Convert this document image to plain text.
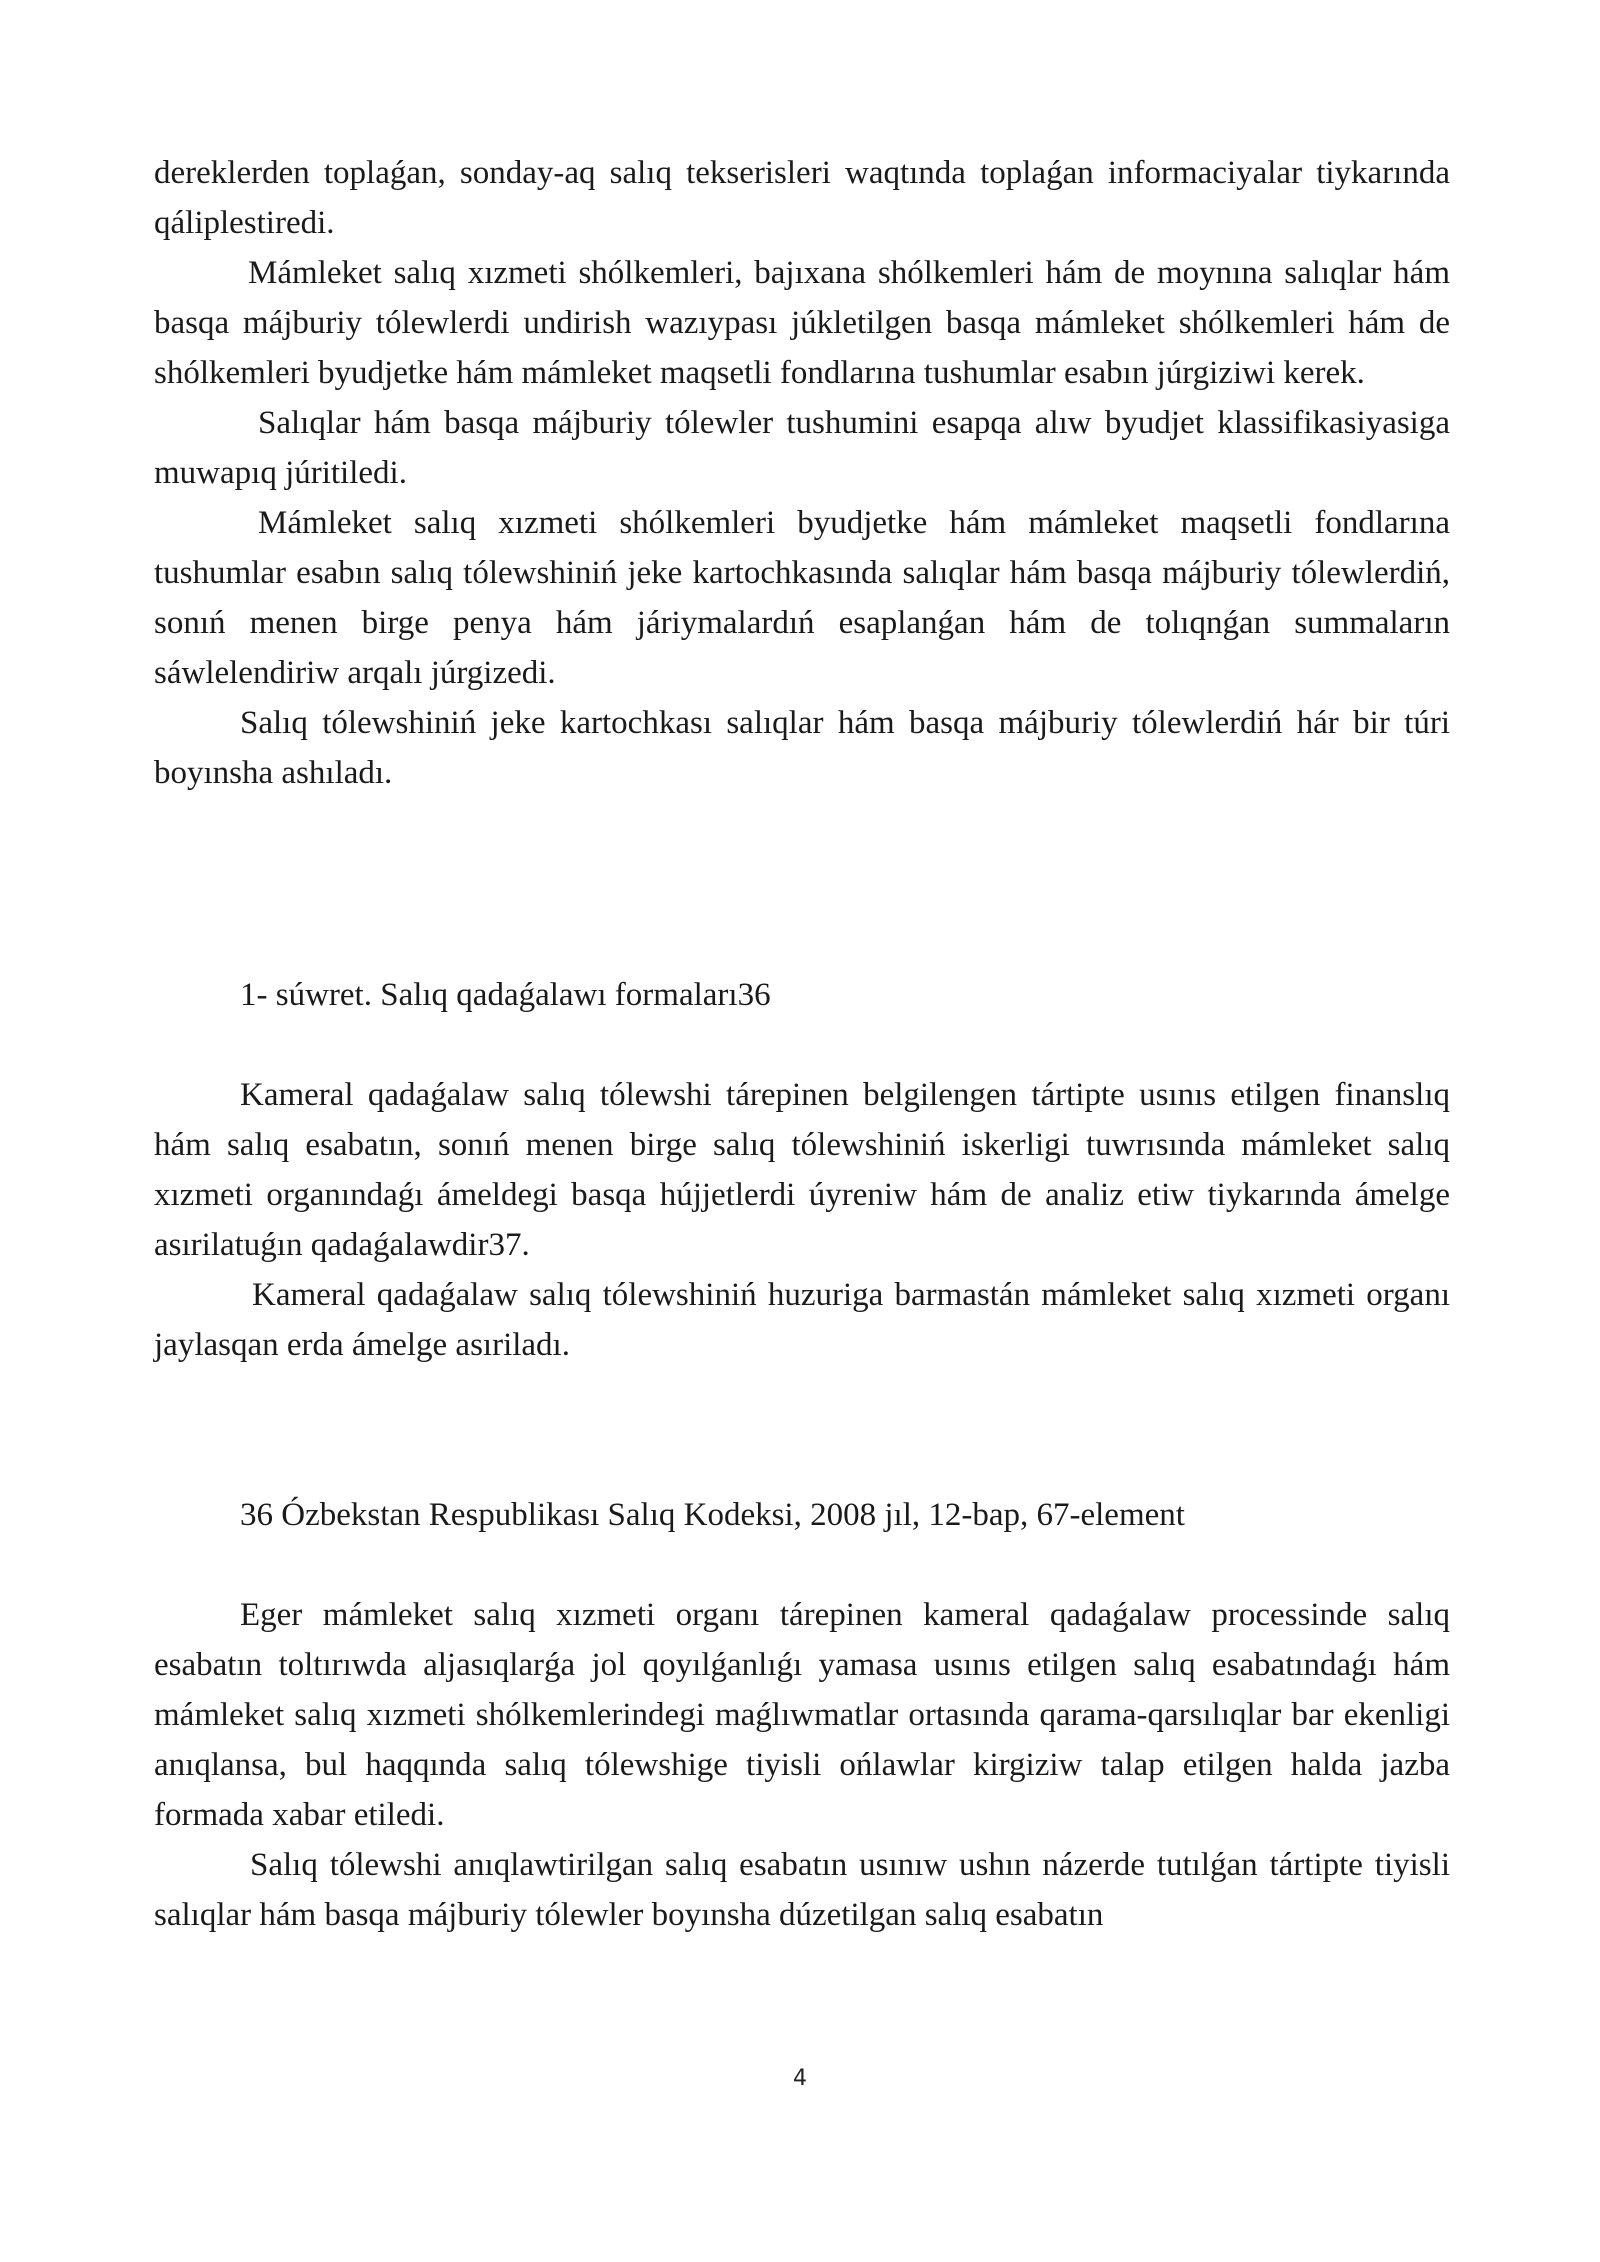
dereklerden toplaǵan, sonday-aq salıq tekserisleri waqtında toplaǵan informaciyalar tiykarında qáliplestiredi.

Mámleket salıq xızmeti shólkemleri, bajıxana shólkemleri hám de moynına salıqlar hám basqa májburiy tólewlerdi undirish wazıypası júkletilgen basqa mámleket shólkemleri hám de shólkemleri byudjetke hám mámleket maqsetli fondlarına tushumlar esabın júrgiziwi kerek.

Salıqlar hám basqa májburiy tólewler tushumini esapqa alıw byudjet klassifikasiyasiga muwapıq júritiledi.

Mámleket salıq xızmeti shólkemleri byudjetke hám mámleket maqsetli fondlarına tushumlar esabın salıq tólewshiniń jeke kartochkasında salıqlar hám basqa májburiy tólewlerdiń, sonıń menen birge penya hám járiymalardıń esaplanǵan hám de tolıqnǵan summaların sáwlelendiriw arqalı júrgizedi.

Salıq tólewshiniń jeke kartochkası salıqlar hám basqa májburiy tólewlerdiń hár bir túri boyınsha ashıladı.

1- súwret. Salıq qadaǵalawı formaları36

Kameral qadaǵalaw salıq tólewshi tárepinen belgilengen tártipte usınıs etilgen finanslıq hám salıq esabatın, sonıń menen birge salıq tólewshiniń iskerligi tuwrısında mámleket salıq xızmeti organındaǵı ámeldegi basqa hújjetlerdi úyreniw hám de analiz etiw tiykarında ámelge asırilatuǵın qadaǵalawdir37.

Kameral qadaǵalaw salıq tólewshiniń huzuriga barmastán mámleket salıq xızmeti organı jaylasqan erda ámelge asıriladı.

36 Ózbekstan Respublikası Salıq Kodeksi, 2008 jıl, 12-bap, 67-element

Eger mámleket salıq xızmeti organı tárepinen kameral qadaǵalaw processinde salıq esabatın toltırıwda aljasıqlarǵa jol qoyılǵanlıǵı yamasa usınıs etilgen salıq esabatındaǵı hám mámleket salıq xızmeti shólkemlerindegi maǵlıwmatlar ortasında qarama-qarsılıqlar bar ekenligi anıqlansa, bul haqqında salıq tólewshige tiyisli ońlawlar kirgiziw talap etilgen halda jazba formada xabar etiledi.

Salıq tólewshi anıqlawtirilgan salıq esabatın usınıw ushın názerde tutılǵan tártipte tiyisli salıqlar hám basqa májburiy tólewler boyınsha dúzetilgan salıq esabatın

4
